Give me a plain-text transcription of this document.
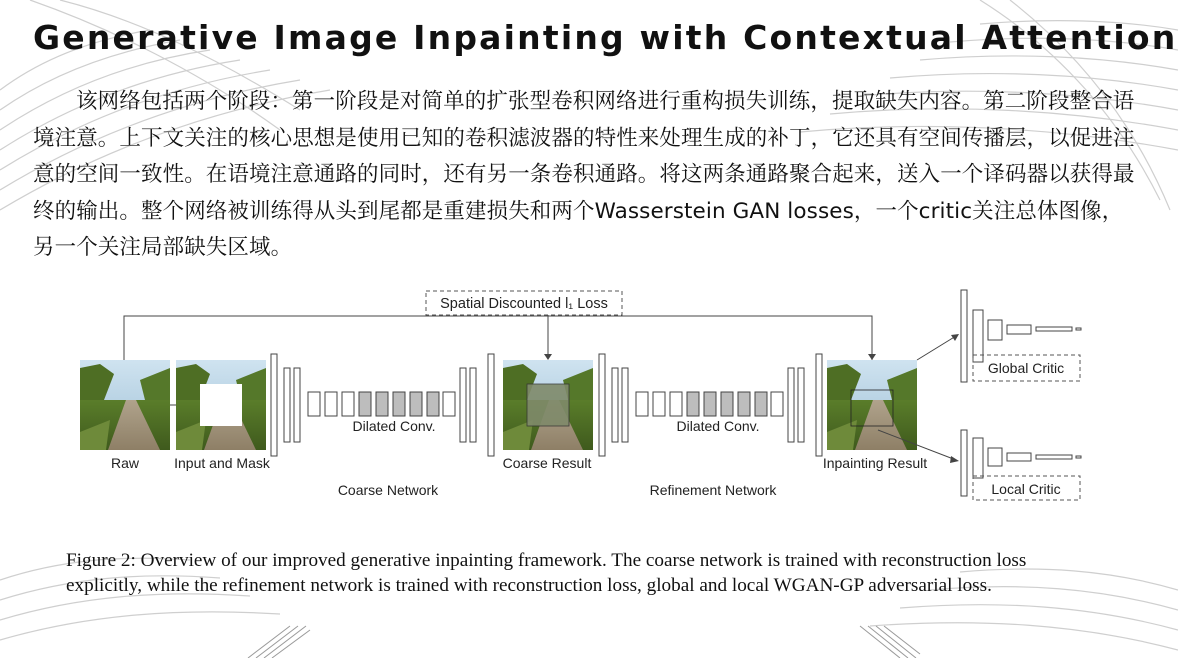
Generative Image Inpainting with Contextual Attention

该网络包括两个阶段：第一阶段是对简单的扩张型卷积网络进行重构损失训练，提取缺失内容。第二阶段整合语境注意。上下文关注的核心思想是使用已知的卷积滤波器的特性来处理生成的补丁，它还具有空间传播层，以促进注意的空间一致性。在语境注意通路的同时，还有另一条卷积通路。将这两条通路聚合起来，送入一个译码器以获得最终的输出。整个网络被训练得从头到尾都是重建损失和两个Wasserstein GAN losses，一个critic关注总体图像，另一个关注局部缺失区域。

Spatial Discounted l₁ Loss
Dilated Conv.	Dilated Conv.
Global Critic
Local Critic
Raw	Input and Mask	Coarse Result	Inpainting Result
Coarse Network	Refinement Network
Figure 2: Overview of our improved generative inpainting framework. The coarse network is trained with reconstruction loss
explicitly, while the refinement network is trained with reconstruction loss, global and local WGAN-GP adversarial loss.
